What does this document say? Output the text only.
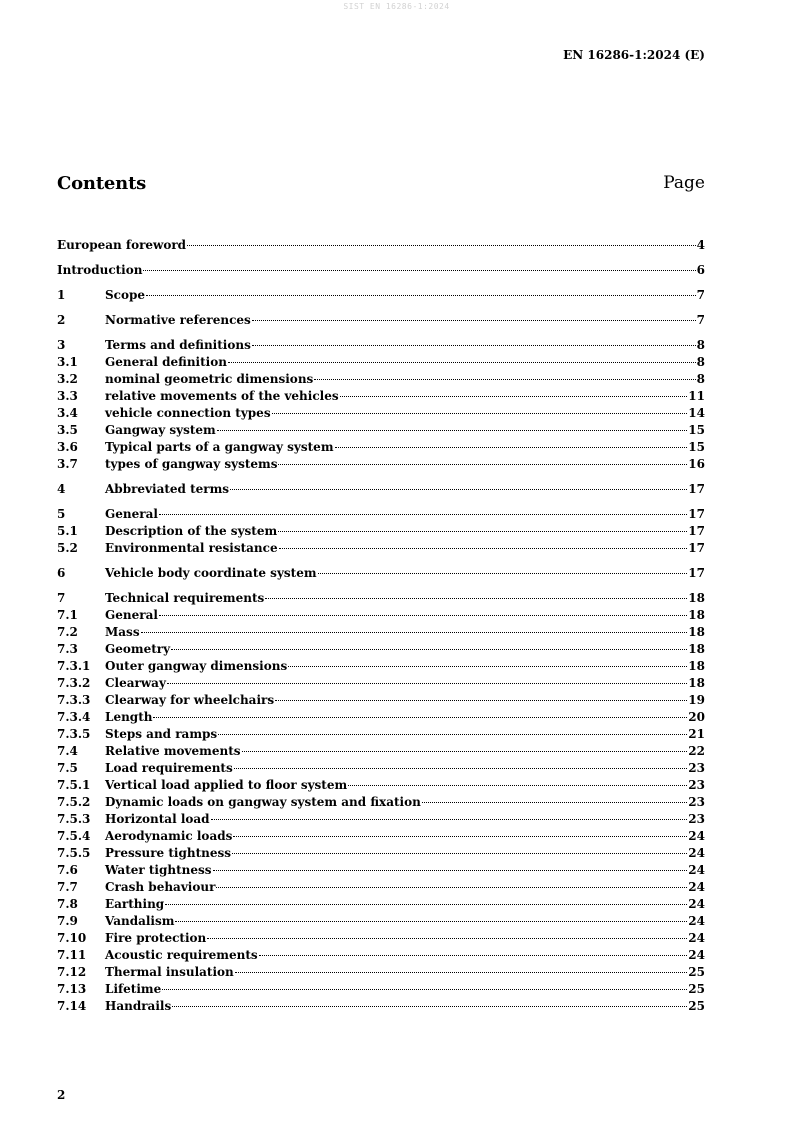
SIST EN 16286-1:2024
EN 16286-1:2024 (E)
Contents	Page
European foreword	4
Introduction	6
1	Scope	7
2	Normative references	7
3	Terms and definitions	8
3.1	General definition	8
3.2	nominal geometric dimensions	8
3.3	relative movements of the vehicles	11
3.4	vehicle connection types	14
3.5	Gangway system	15
3.6	Typical parts of a gangway system	15
3.7	types of gangway systems	16
4	Abbreviated terms	17
5	General	17
5.1	Description of the system	17
5.2	Environmental resistance	17
6	Vehicle body coordinate system	17
7	Technical requirements	18
7.1	General	18
7.2	Mass	18
7.3	Geometry	18
7.3.1	Outer gangway dimensions	18
7.3.2	Clearway	18
7.3.3	Clearway for wheelchairs	19
7.3.4	Length	20
7.3.5	Steps and ramps	21
7.4	Relative movements	22
7.5	Load requirements	23
7.5.1	Vertical load applied to floor system	23
7.5.2	Dynamic loads on gangway system and fixation	23
7.5.3	Horizontal load	23
7.5.4	Aerodynamic loads	24
7.5.5	Pressure tightness	24
7.6	Water tightness	24
7.7	Crash behaviour	24
7.8	Earthing	24
7.9	Vandalism	24
7.10	Fire protection	24
7.11	Acoustic requirements	24
7.12	Thermal insulation	25
7.13	Lifetime	25
7.14	Handrails	25
2
